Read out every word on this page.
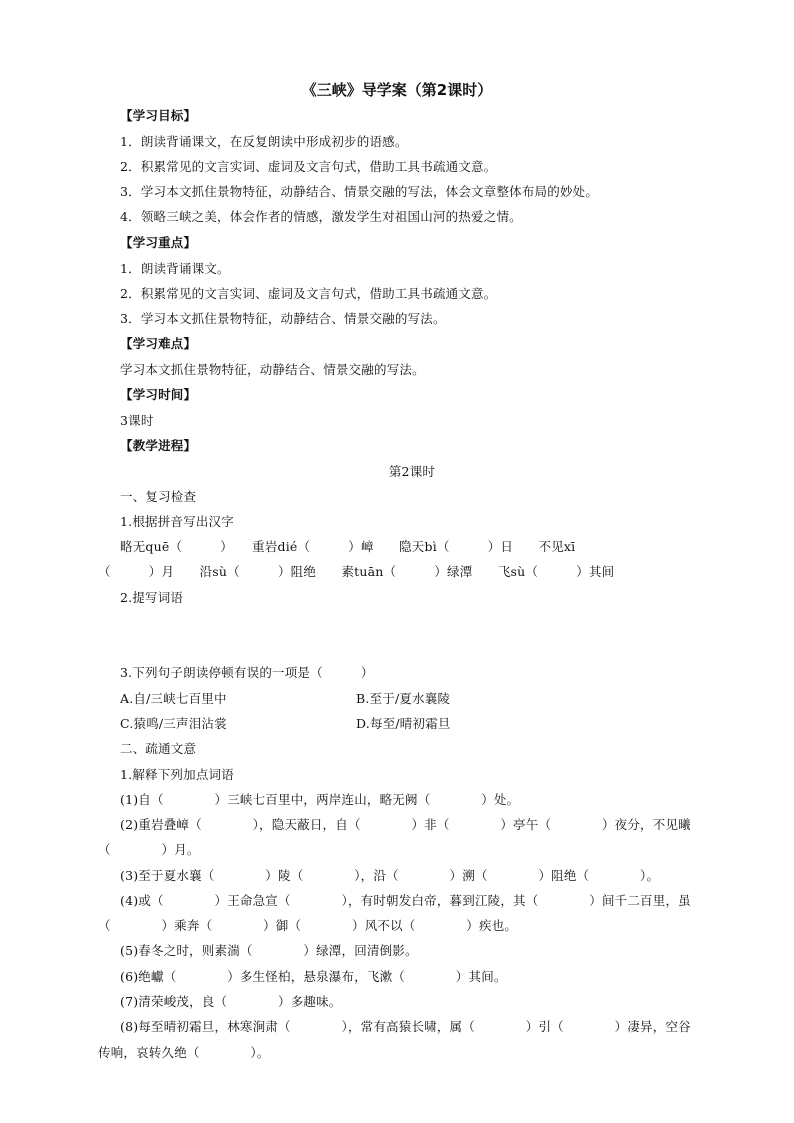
《三峡》导学案（第2课时）
【学习目标】
1．朗读背诵课文，在反复朗读中形成初步的语感。
2．积累常见的文言实词、虚词及文言句式，借助工具书疏通文意。
3．学习本文抓住景物特征，动静结合、情景交融的写法，体会文章整体布局的妙处。
4．领略三峡之美，体会作者的情感，激发学生对祖国山河的热爱之情。
【学习重点】
1．朗读背诵课文。
2．积累常见的文言实词、虚词及文言句式，借助工具书疏通文意。
3．学习本文抓住景物特征，动静结合、情景交融的写法。
【学习难点】
学习本文抓住景物特征，动静结合、情景交融的写法。
【学习时间】
3课时
【教学进程】
第2课时
一、复习检查
1.根据拼音写出汉字
略无quē（　　　）　　重岩dié（　　　）嶂　　隐天bì（　　　）日　　不见xī
（　　　）月　　沿sù（　　　）阻绝　　素tuān（　　　）绿潭　　飞sù（　　　）其间
2.提写词语
3.下列句子朗读停顿有误的一项是（　　　）
A.自/三峡七百里中	B.至于/夏水襄陵
C.猿鸣/三声泪沾裳	D.每至/晴初霜旦
二、疏通文意
1.解释下列加点词语
(1)自（　　　　）三峡七百里中，两岸连山，略无阙（　　　　）处。
(2)重岩叠嶂（　　　　），隐天蔽日，自（　　　　）非（　　　　）亭午（　　　　）夜分，不见曦
（　　　　）月。
(3)至于夏水襄（　　　　）陵（　　　　），沿（　　　　）溯（　　　　）阻绝（　　　　）。
(4)或（　　　　）王命急宣（　　　　），有时朝发白帝，暮到江陵，其（　　　　）间千二百里，虽
（　　　　）乘奔（　　　　）御（　　　　）风不以（　　　　）疾也。
(5)春冬之时，则素湍（　　　　）绿潭，回清倒影。
(6)绝巘（　　　　）多生怪柏，悬泉瀑布，飞漱（　　　　）其间。
(7)清荣峻茂，良（　　　　）多趣味。
(8)每至晴初霜旦，林寒涧肃（　　　　），常有高猿长啸，属（　　　　）引（　　　　）凄异，空谷
传响，哀转久绝（　　　　）。
